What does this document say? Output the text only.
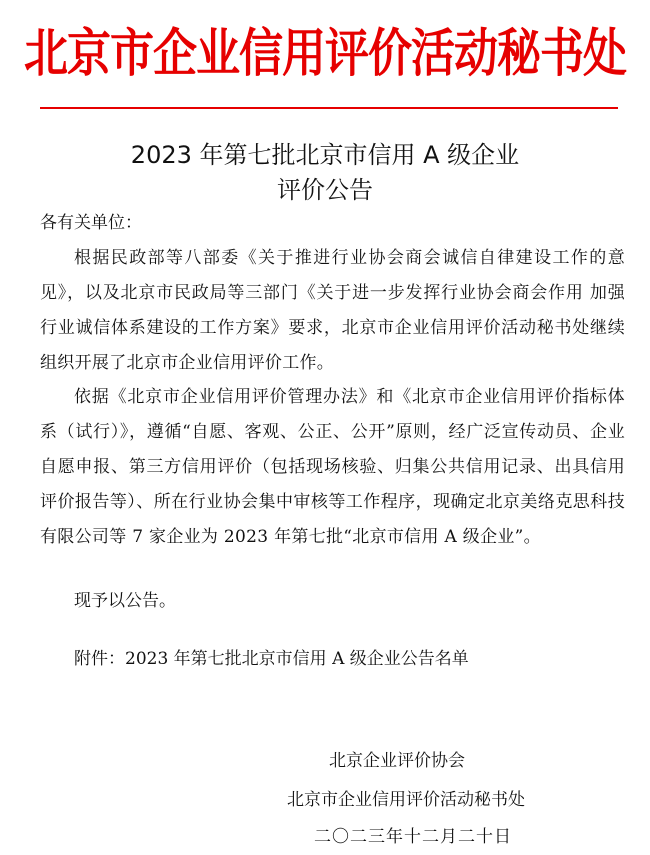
北京市企业信用评价活动秘书处
2023 年第七批北京市信用 A 级企业
评价公告
各有关单位：
根据民政部等八部委《关于推进行业协会商会诚信自律建设工作的意见》，以及北京市民政局等三部门《关于进一步发挥行业协会商会作用 加强行业诚信体系建设的工作方案》要求，北京市企业信用评价活动秘书处继续组织开展了北京市企业信用评价工作。
依据《北京市企业信用评价管理办法》和《北京市企业信用评价指标体系（试行）》，遵循“自愿、客观、公正、公开”原则，经广泛宣传动员、企业自愿申报、第三方信用评价（包括现场核验、归集公共信用记录、出具信用评价报告等）、所在行业协会集中审核等工作程序，现确定北京美络克思科技有限公司等 7 家企业为 2023 年第七批“北京市信用 A 级企业”。
现予以公告。
附件：2023 年第七批北京市信用 A 级企业公告名单
北京企业评价协会
北京市企业信用评价活动秘书处
二〇二三年十二月二十日
